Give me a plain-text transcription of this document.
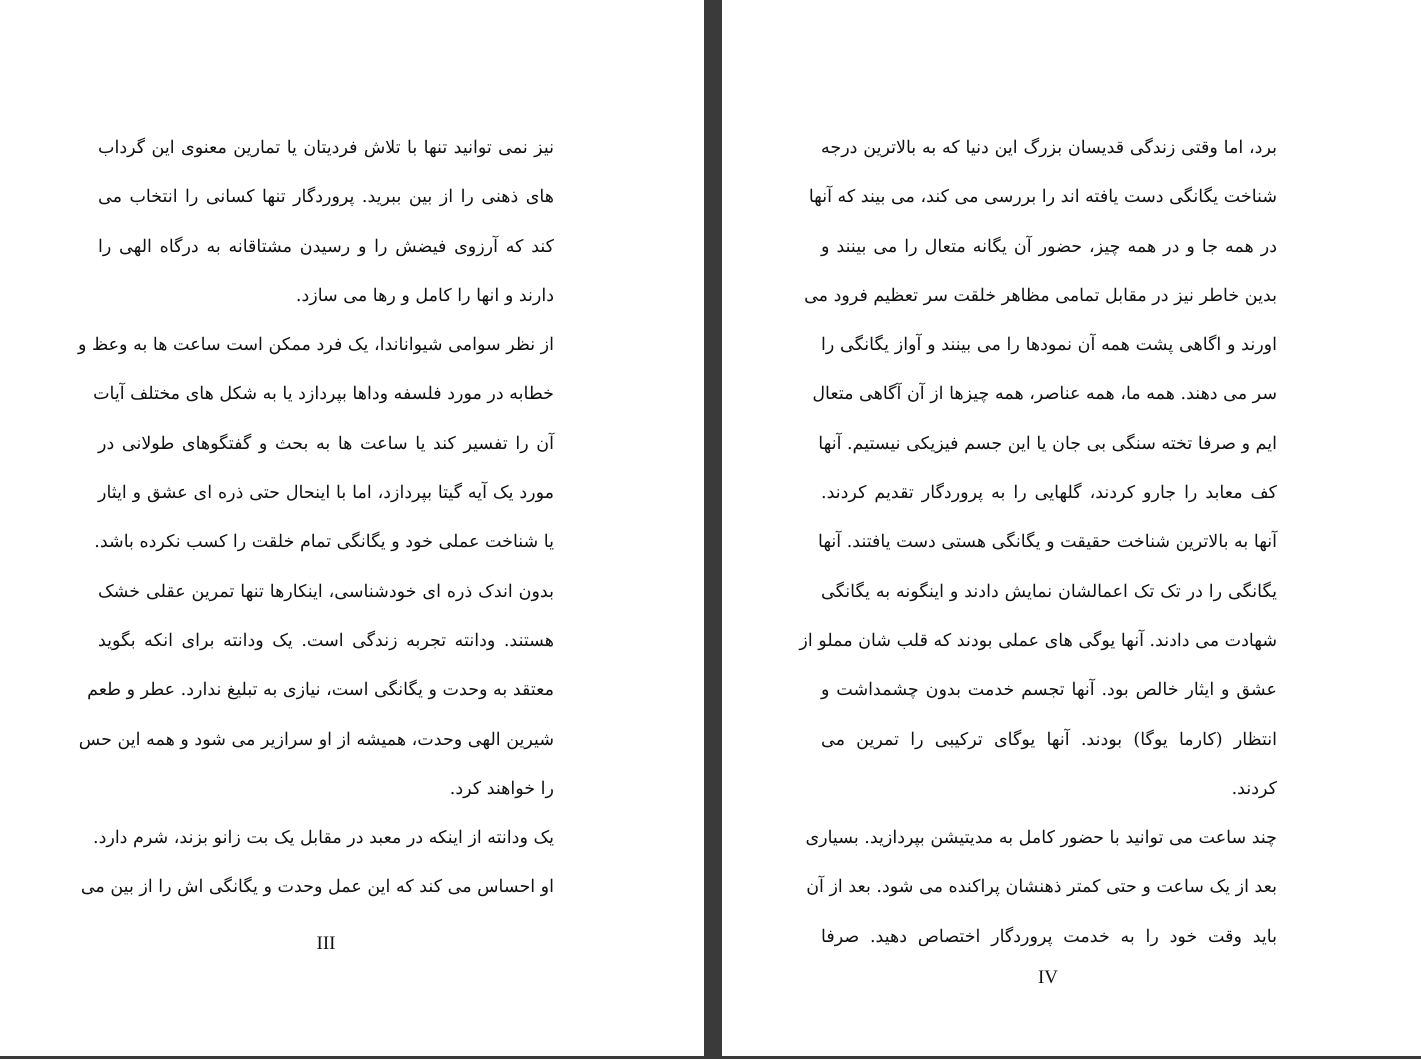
نیز نمی توانید تنها با تلاش فردیتان یا تمارین معنوی این گرداب
های ذهنی را از بین ببرید. پروردگار تنها کسانی را انتخاب می
کند که آرزوی فیضش را و رسیدن مشتاقانه به درگاه الهی را
دارند و انها را کامل و رها می سازد.
از نظر سوامی شیواناندا، یک فرد ممکن است ساعت ها به وعظ و
خطابه در مورد فلسفه وداها بپردازد یا به شکل های مختلف آیات
آن را تفسیر کند یا ساعت ها به بحث و گفتگوهای طولانی در
مورد یک آیه گیتا بپردازد، اما با اینحال حتی ذره ای عشق و ایثار
یا شناخت عملی خود و یگانگی تمام خلقت را کسب نکرده باشد.
بدون اندک ذره ای خودشناسی، اینکارها تنها تمرین عقلی خشک
هستند. ودانته تجربه زندگی است. یک ودانته برای انکه بگوید
معتقد به وحدت و یگانگی است، نیازی به تبلیغ ندارد. عطر و طعم
شیرین الهی وحدت، همیشه از او سرازیر می شود و همه این حس
را خواهند کرد.
یک ودانته از اینکه در معبد در مقابل یک بت زانو بزند، شرم دارد.
او احساس می کند که این عمل وحدت و یگانگی اش را از بین می
III
برد، اما وقتی زندگی قدیسان بزرگ این دنیا که به بالاترین درجه
شناخت یگانگی دست یافته اند را بررسی می کند، می بیند که آنها
در همه جا و در همه چیز، حضور آن یگانه متعال را می بینند و
بدین خاطر نیز در مقابل تمامی مظاهر خلقت سر تعظیم فرود می
اورند و اگاهی پشت همه آن نمودها را می بینند و آواز یگانگی را
سر می دهند. همه ما، همه عناصر، همه چیزها از آن آگاهی متعال
ایم و صرفا تخته سنگی بی جان یا این جسم فیزیکی نیستیم. آنها
کف معابد را جارو کردند، گلهایی را به پروردگار تقدیم کردند.
آنها به بالاترین شناخت حقیقت و یگانگی هستی دست یافتند. آنها
یگانگی را در تک تک اعمالشان نمایش دادند و اینگونه به یگانگی
شهادت می دادند. آنها یوگی های عملی بودند که قلب شان مملو از
عشق و ایثار خالص بود. آنها تجسم خدمت بدون چشمداشت و
انتظار (کارما یوگا) بودند. آنها یوگای ترکیبی را تمرین می
کردند.
چند ساعت می توانید با حضور کامل به مدیتیشن بپردازید. بسیاری
بعد از یک ساعت و حتی کمتر ذهنشان پراکنده می شود. بعد از آن
باید وقت خود را به خدمت پروردگار اختصاص دهید. صرفا
IV
